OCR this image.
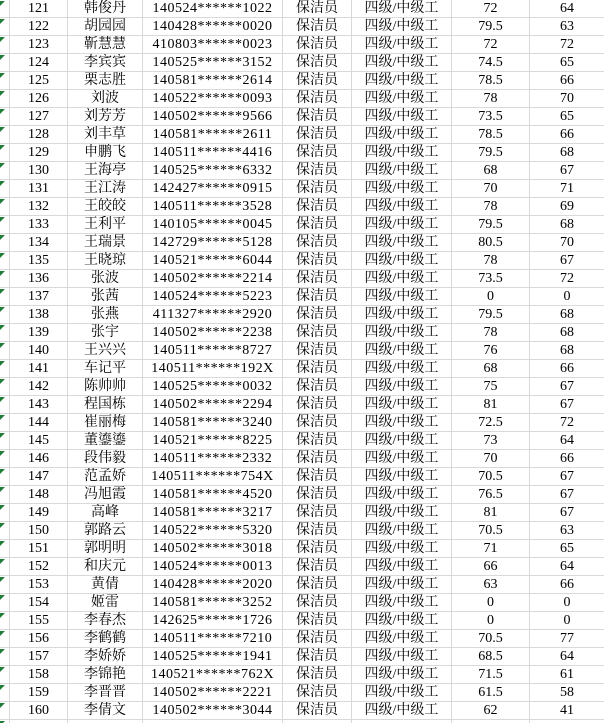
121	韩俊丹	140524******1022	保洁员	四级/中级工	72	64
122	胡园园	140428******0020	保洁员	四级/中级工	79.5	63
123	靳慧慧	410803******0023	保洁员	四级/中级工	72	72
124	李宾宾	140525******3152	保洁员	四级/中级工	74.5	65
125	栗志胜	140581******2614	保洁员	四级/中级工	78.5	66
126	刘波	140522******0093	保洁员	四级/中级工	78	70
127	刘芳芳	140502******9566	保洁员	四级/中级工	73.5	65
128	刘丰草	140581******2611	保洁员	四级/中级工	78.5	66
129	申鹏飞	140511******4416	保洁员	四级/中级工	79.5	68
130	王海亭	140525******6332	保洁员	四级/中级工	68	67
131	王江涛	142427******0915	保洁员	四级/中级工	70	71
132	王皎皎	140511******3528	保洁员	四级/中级工	78	69
133	王利平	140105******0045	保洁员	四级/中级工	79.5	68
134	王瑞景	142729******5128	保洁员	四级/中级工	80.5	70
135	王晓琼	140521******6044	保洁员	四级/中级工	78	67
136	张波	140502******2214	保洁员	四级/中级工	73.5	72
137	张茜	140524******5223	保洁员	四级/中级工	0	0
138	张燕	411327******2920	保洁员	四级/中级工	79.5	68
139	张宇	140502******2238	保洁员	四级/中级工	78	68
140	王兴兴	140511******8727	保洁员	四级/中级工	76	68
141	车记平	140511******192X	保洁员	四级/中级工	68	66
142	陈帅帅	140525******0032	保洁员	四级/中级工	75	67
143	程国栋	140502******2294	保洁员	四级/中级工	81	67
144	崔丽梅	140581******3240	保洁员	四级/中级工	72.5	72
145	董鎏鎏	140521******8225	保洁员	四级/中级工	73	64
146	段伟毅	140511******2332	保洁员	四级/中级工	70	66
147	范孟娇	140511******754X	保洁员	四级/中级工	70.5	67
148	冯旭霞	140581******4520	保洁员	四级/中级工	76.5	67
149	高峰	140581******3217	保洁员	四级/中级工	81	67
150	郭路云	140522******5320	保洁员	四级/中级工	70.5	63
151	郭明明	140502******3018	保洁员	四级/中级工	71	65
152	和庆元	140524******0013	保洁员	四级/中级工	66	64
153	黄倩	140428******2020	保洁员	四级/中级工	63	66
154	姬雷	140581******3252	保洁员	四级/中级工	0	0
155	李春杰	142625******1726	保洁员	四级/中级工	0	0
156	李鹤鹤	140511******7210	保洁员	四级/中级工	70.5	77
157	李娇娇	140525******1941	保洁员	四级/中级工	68.5	64
158	李锦艳	140521******762X	保洁员	四级/中级工	71.5	61
159	李晋晋	140502******2221	保洁员	四级/中级工	61.5	58
160	李倩文	140502******3044	保洁员	四级/中级工	62	41
